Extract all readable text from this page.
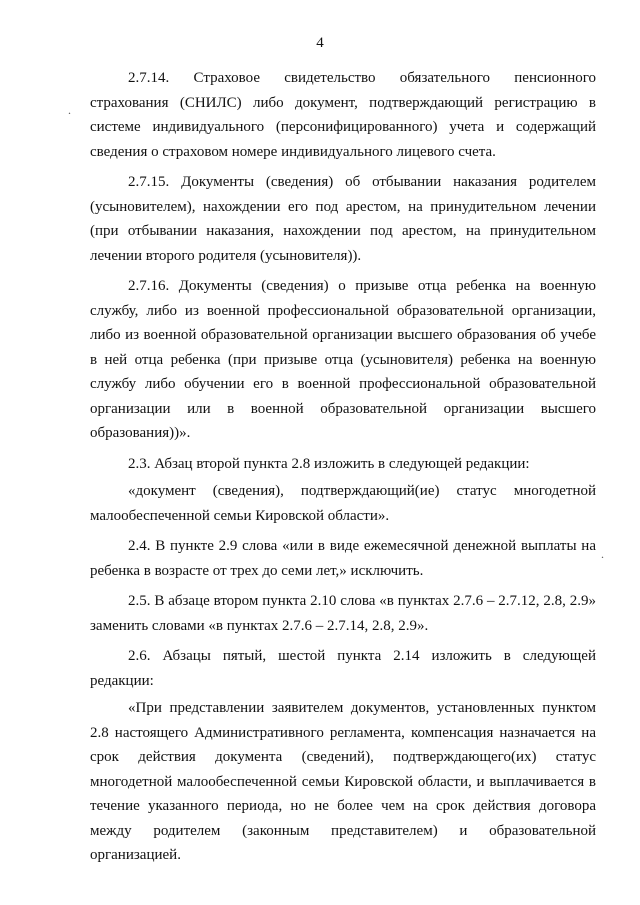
4
.
.

2.7.14. Страховое свидетельство обязательного пенсионного страхования (СНИЛС) либо документ, подтверждающий регистрацию в системе индивидуального (персонифицированного) учета и содержащий сведения о страховом номере индивидуального лицевого счета.

2.7.15. Документы (сведения) об отбывании наказания родителем (усыновителем), нахождении его под арестом, на принудительном лечении (при отбывании наказания, нахождении под арестом, на принудительном лечении второго родителя (усыновителя)).

2.7.16. Документы (сведения) о призыве отца ребенка на военную службу, либо из военной профессиональной образовательной организации, либо из военной образовательной организации высшего образования об учебе в ней отца ребенка (при призыве отца (усыновителя) ребенка на военную службу либо обучении его в военной профессиональной образовательной организации или в военной образовательной организации высшего образования))».

2.3. Абзац второй пункта 2.8 изложить в следующей редакции:

«документ (сведения), подтверждающий(ие) статус многодетной малообеспеченной семьи Кировской области».

2.4. В пункте 2.9 слова «или в виде ежемесячной денежной выплаты на ребенка в возрасте от трех до семи лет,» исключить.

2.5. В абзаце втором пункта 2.10 слова «в пунктах 2.7.6 – 2.7.12, 2.8, 2.9» заменить словами «в пунктах 2.7.6 – 2.7.14, 2.8, 2.9».

2.6. Абзацы пятый, шестой пункта 2.14 изложить в следующей редакции:

«При представлении заявителем документов, установленных пунктом 2.8 настоящего Административного регламента, компенсация назначается на срок действия документа (сведений), подтверждающего(их) статус многодетной малообеспеченной семьи Кировской области, и выплачивается в течение указанного периода, но не более чем на срок действия договора между родителем (законным представителем) и образовательной организацией.
